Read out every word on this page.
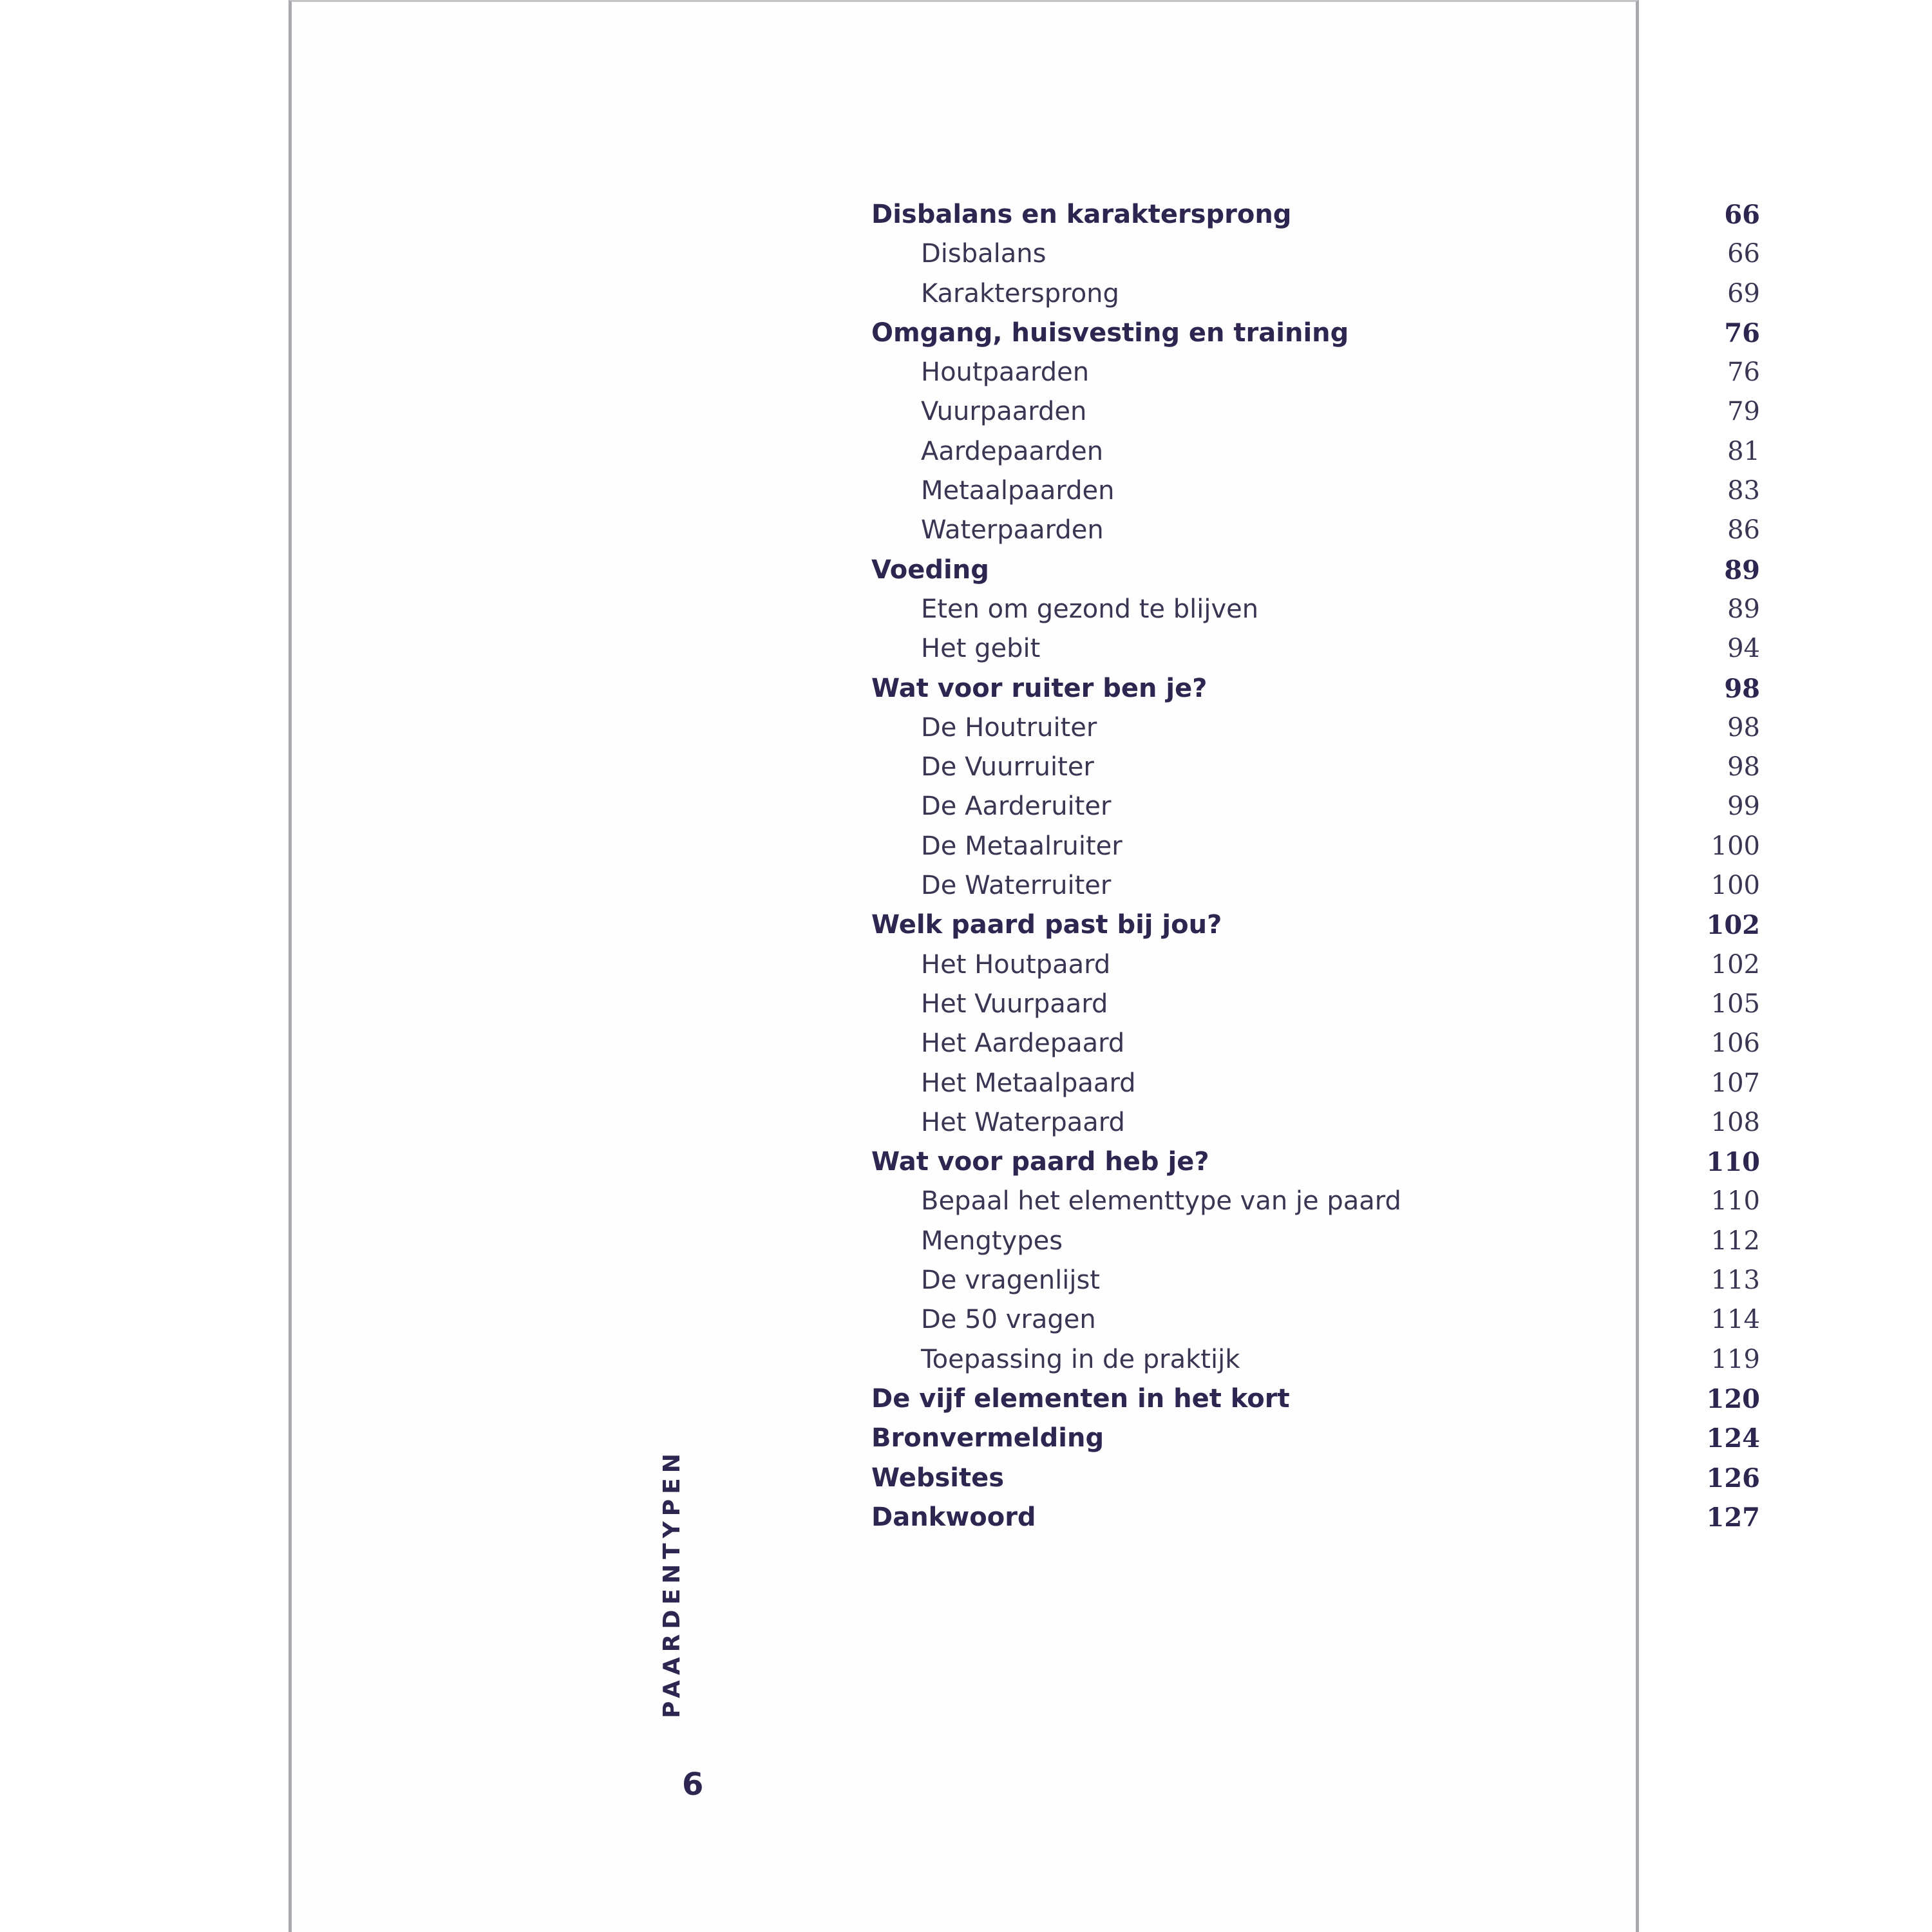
Disbalans en karaktersprong	66
Disbalans	66
Karaktersprong	69
Omgang, huisvesting en training	76
Houtpaarden	76
Vuurpaarden	79
Aardepaarden	81
Metaalpaarden	83
Waterpaarden	86
Voeding	89
Eten om gezond te blijven	89
Het gebit	94
Wat voor ruiter ben je?	98
De Houtruiter	98
De Vuurruiter	98
De Aarderuiter	99
De Metaalruiter	100
De Waterruiter	100
Welk paard past bij jou?	102
Het Houtpaard	102
Het Vuurpaard	105
Het Aardepaard	106
Het Metaalpaard	107
Het Waterpaard	108
Wat voor paard heb je?	110
Bepaal het elementtype van je paard	110
Mengtypes	112
De vragenlijst	113
De 50 vragen	114
Toepassing in de praktijk	119
De vijf elementen in het kort	120
Bronvermelding	124
Websites	126
Dankwoord	127
PAARDENTYPEN
6
